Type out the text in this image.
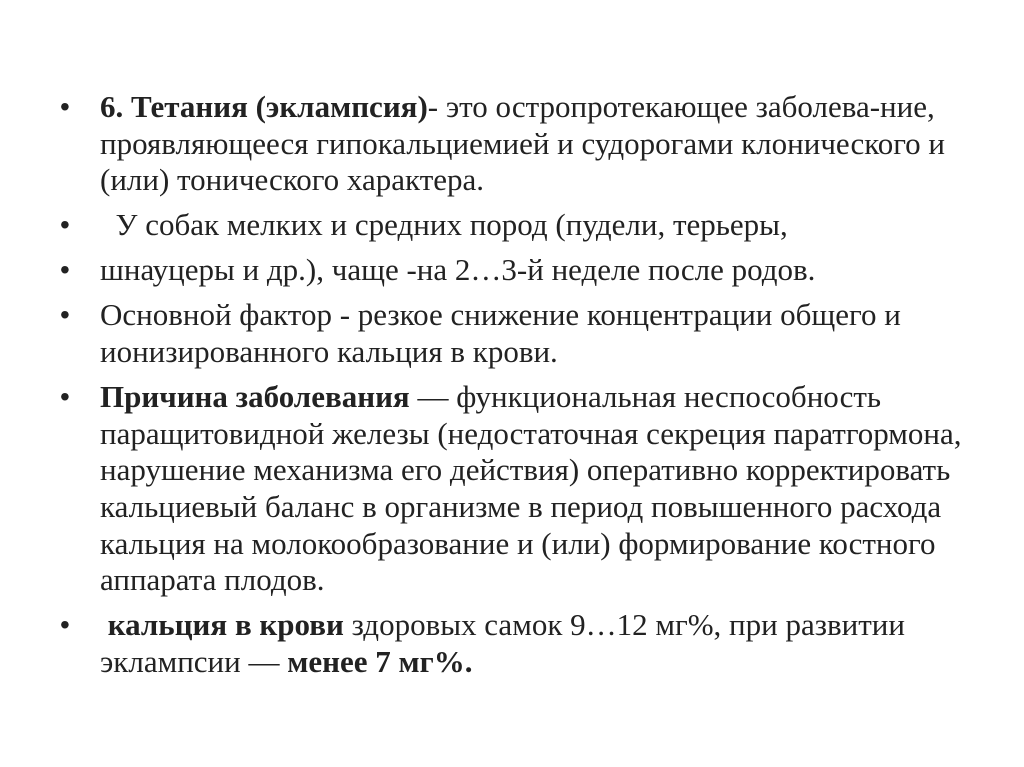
• 6. Тетания (эклампсия)- это остропротекающее заболева-ние, проявляющееся гипокальциемией и судорогами клонического и (или) тонического характера.
• У собак мелких и средних пород (пудели, терьеры,
• шнауцеры и др.), чаще -на 2…3-й неделе после родов.
• Основной фактор - резкое снижение концентрации общего и ионизированного кальция в крови.
• Причина заболевания — функциональная неспособность паращитовидной железы (недостаточная секреция паратгормона, нарушение механизма его действия) оперативно корректировать кальциевый баланс в организме в период повышенного расхода кальция на молокообразование и (или) формирование костного аппарата плодов.
• кальция в крови здоровых самок 9…12 мг%, при развитии эклампсии — менее 7 мг%.
